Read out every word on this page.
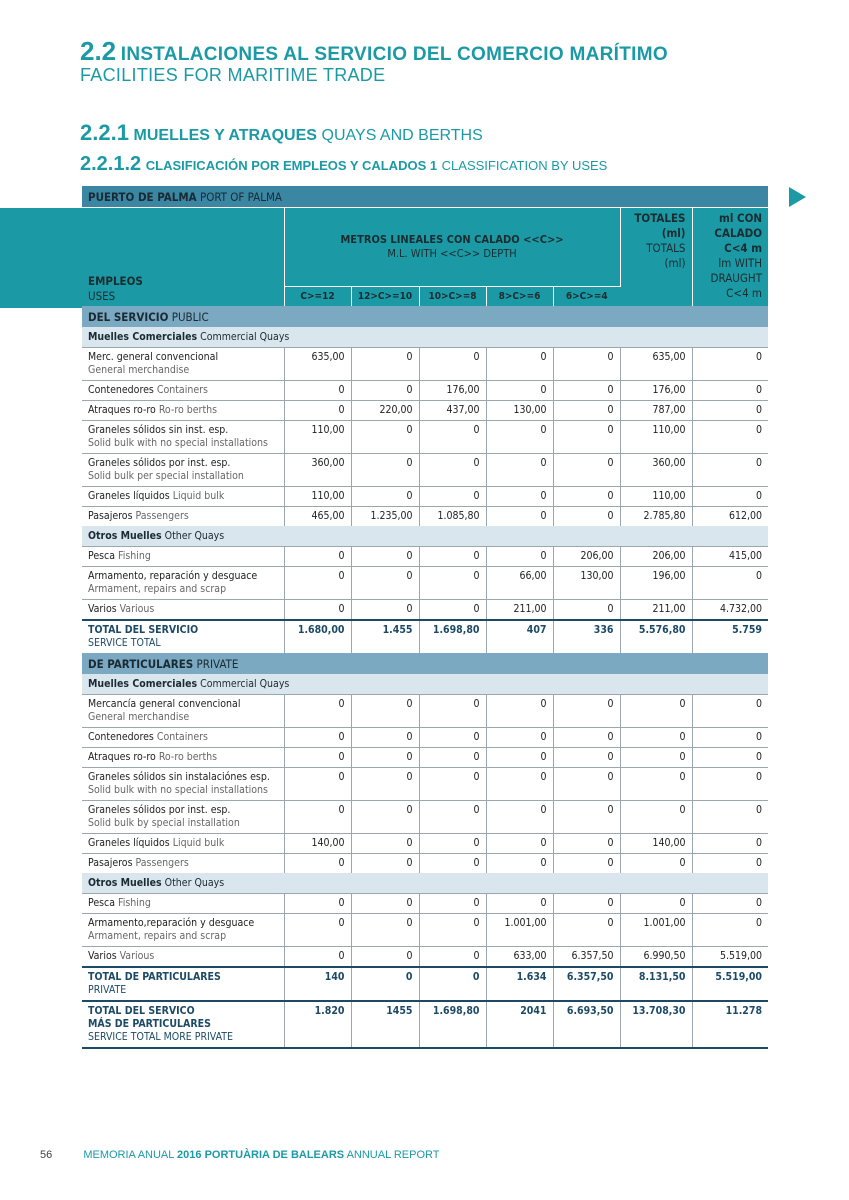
2.2 INSTALACIONES AL SERVICIO DEL COMERCIO MARÍTIMO
FACILITIES FOR MARITIME TRADE
2.2.1 MUELLES Y ATRAQUES QUAYS AND BERTHS
2.2.1.2 CLASIFICACIÓN POR EMPLEOS Y CALADOS 1 CLASSIFICATION BY USES
PUERTO DE PALMA PORT OF PALMA							
EMPLEOS
USES	METROS LINEALES CON CALADO <<C>>
M.L. WITH <<C>> DEPTH					TOTALES (ml)
TOTALS (ml)	ml CON CALADO C<4 m
lm WITH DRAUGHT C<4 m
	C>=12	12>C>=10	10>C>=8	8>C>=6	6>C>=4		
DEL SERVICIO PUBLIC							
Muelles Comerciales Commercial Quays							
Merc. general convencional
General merchandise	635,00	0	0	0	0	635,00	0
Contenedores Containers	0	0	176,00	0	0	176,00	0
Atraques ro-ro Ro-ro berths	0	220,00	437,00	130,00	0	787,00	0
Graneles sólidos sin inst. esp.
Solid bulk with no special installations	110,00	0	0	0	0	110,00	0
Graneles sólidos por inst. esp.
Solid bulk per special installation	360,00	0	0	0	0	360,00	0
Graneles líquidos Liquid bulk	110,00	0	0	0	0	110,00	0
Pasajeros Passengers	465,00	1.235,00	1.085,80	0	0	2.785,80	612,00
Otros Muelles Other Quays							
Pesca Fishing	0	0	0	0	206,00	206,00	415,00
Armamento, reparación y desguace
Armament, repairs and scrap	0	0	0	66,00	130,00	196,00	0
Varios Various	0	0	0	211,00	0	211,00	4.732,00
TOTAL DEL SERVICIO
SERVICE TOTAL	1.680,00	1.455	1.698,80	407	336	5.576,80	5.759
DE PARTICULARES PRIVATE							
Muelles Comerciales Commercial Quays							
Mercancía general convencional
General merchandise	0	0	0	0	0	0	0
Contenedores Containers	0	0	0	0	0	0	0
Atraques ro-ro Ro-ro berths	0	0	0	0	0	0	0
Graneles sólidos sin instalaciónes esp.
Solid bulk with no special installations	0	0	0	0	0	0	0
Graneles sólidos por inst. esp.
Solid bulk by special installation	0	0	0	0	0	0	0
Graneles líquidos Liquid bulk	140,00	0	0	0	0	140,00	0
Pasajeros Passengers	0	0	0	0	0	0	0
Otros Muelles Other Quays							
Pesca Fishing	0	0	0	0	0	0	0
Armamento,reparación y desguace
Armament, repairs and scrap	0	0	0	1.001,00	0	1.001,00	0
Varios Various	0	0	0	633,00	6.357,50	6.990,50	5.519,00
TOTAL DE PARTICULARES
PRIVATE	140	0	0	1.634	6.357,50	8.131,50	5.519,00
TOTAL DEL SERVICO
MÁS DE PARTICULARES
SERVICE TOTAL MORE PRIVATE	1.820	1455	1.698,80	2041	6.693,50	13.708,30	11.278
56	MEMORIA ANUAL 2016 PORTUÀRIA DE BALEARS ANNUAL REPORT
